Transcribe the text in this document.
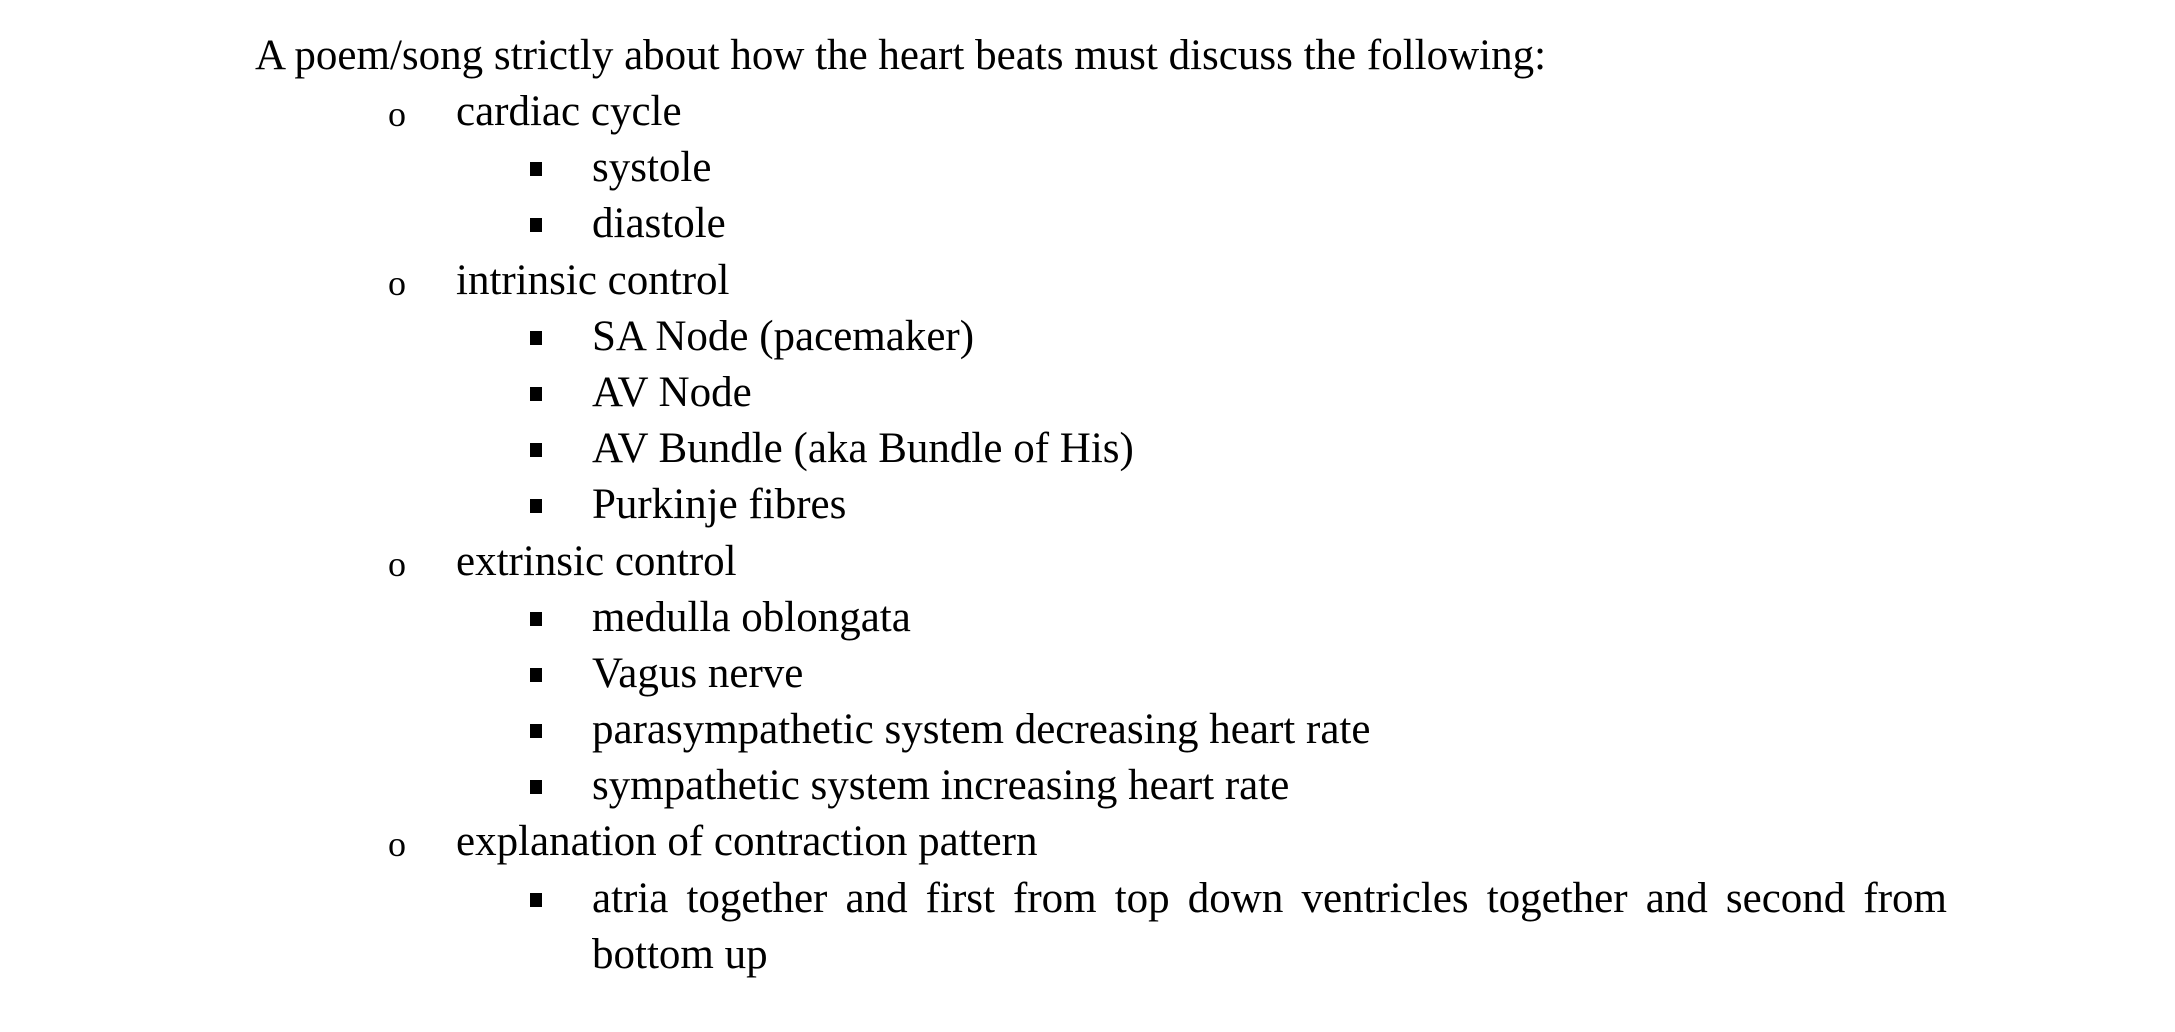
A poem/song strictly about how the heart beats must discuss the following:
o cardiac cycle
systole
diastole
o intrinsic control
SA Node (pacemaker)
AV Node
AV Bundle (aka Bundle of His)
Purkinje fibres
o extrinsic control
medulla oblongata
Vagus nerve
parasympathetic system decreasing heart rate
sympathetic system increasing heart rate
o explanation of contraction pattern
atria together and first from top down ventricles together and second from bottom up
